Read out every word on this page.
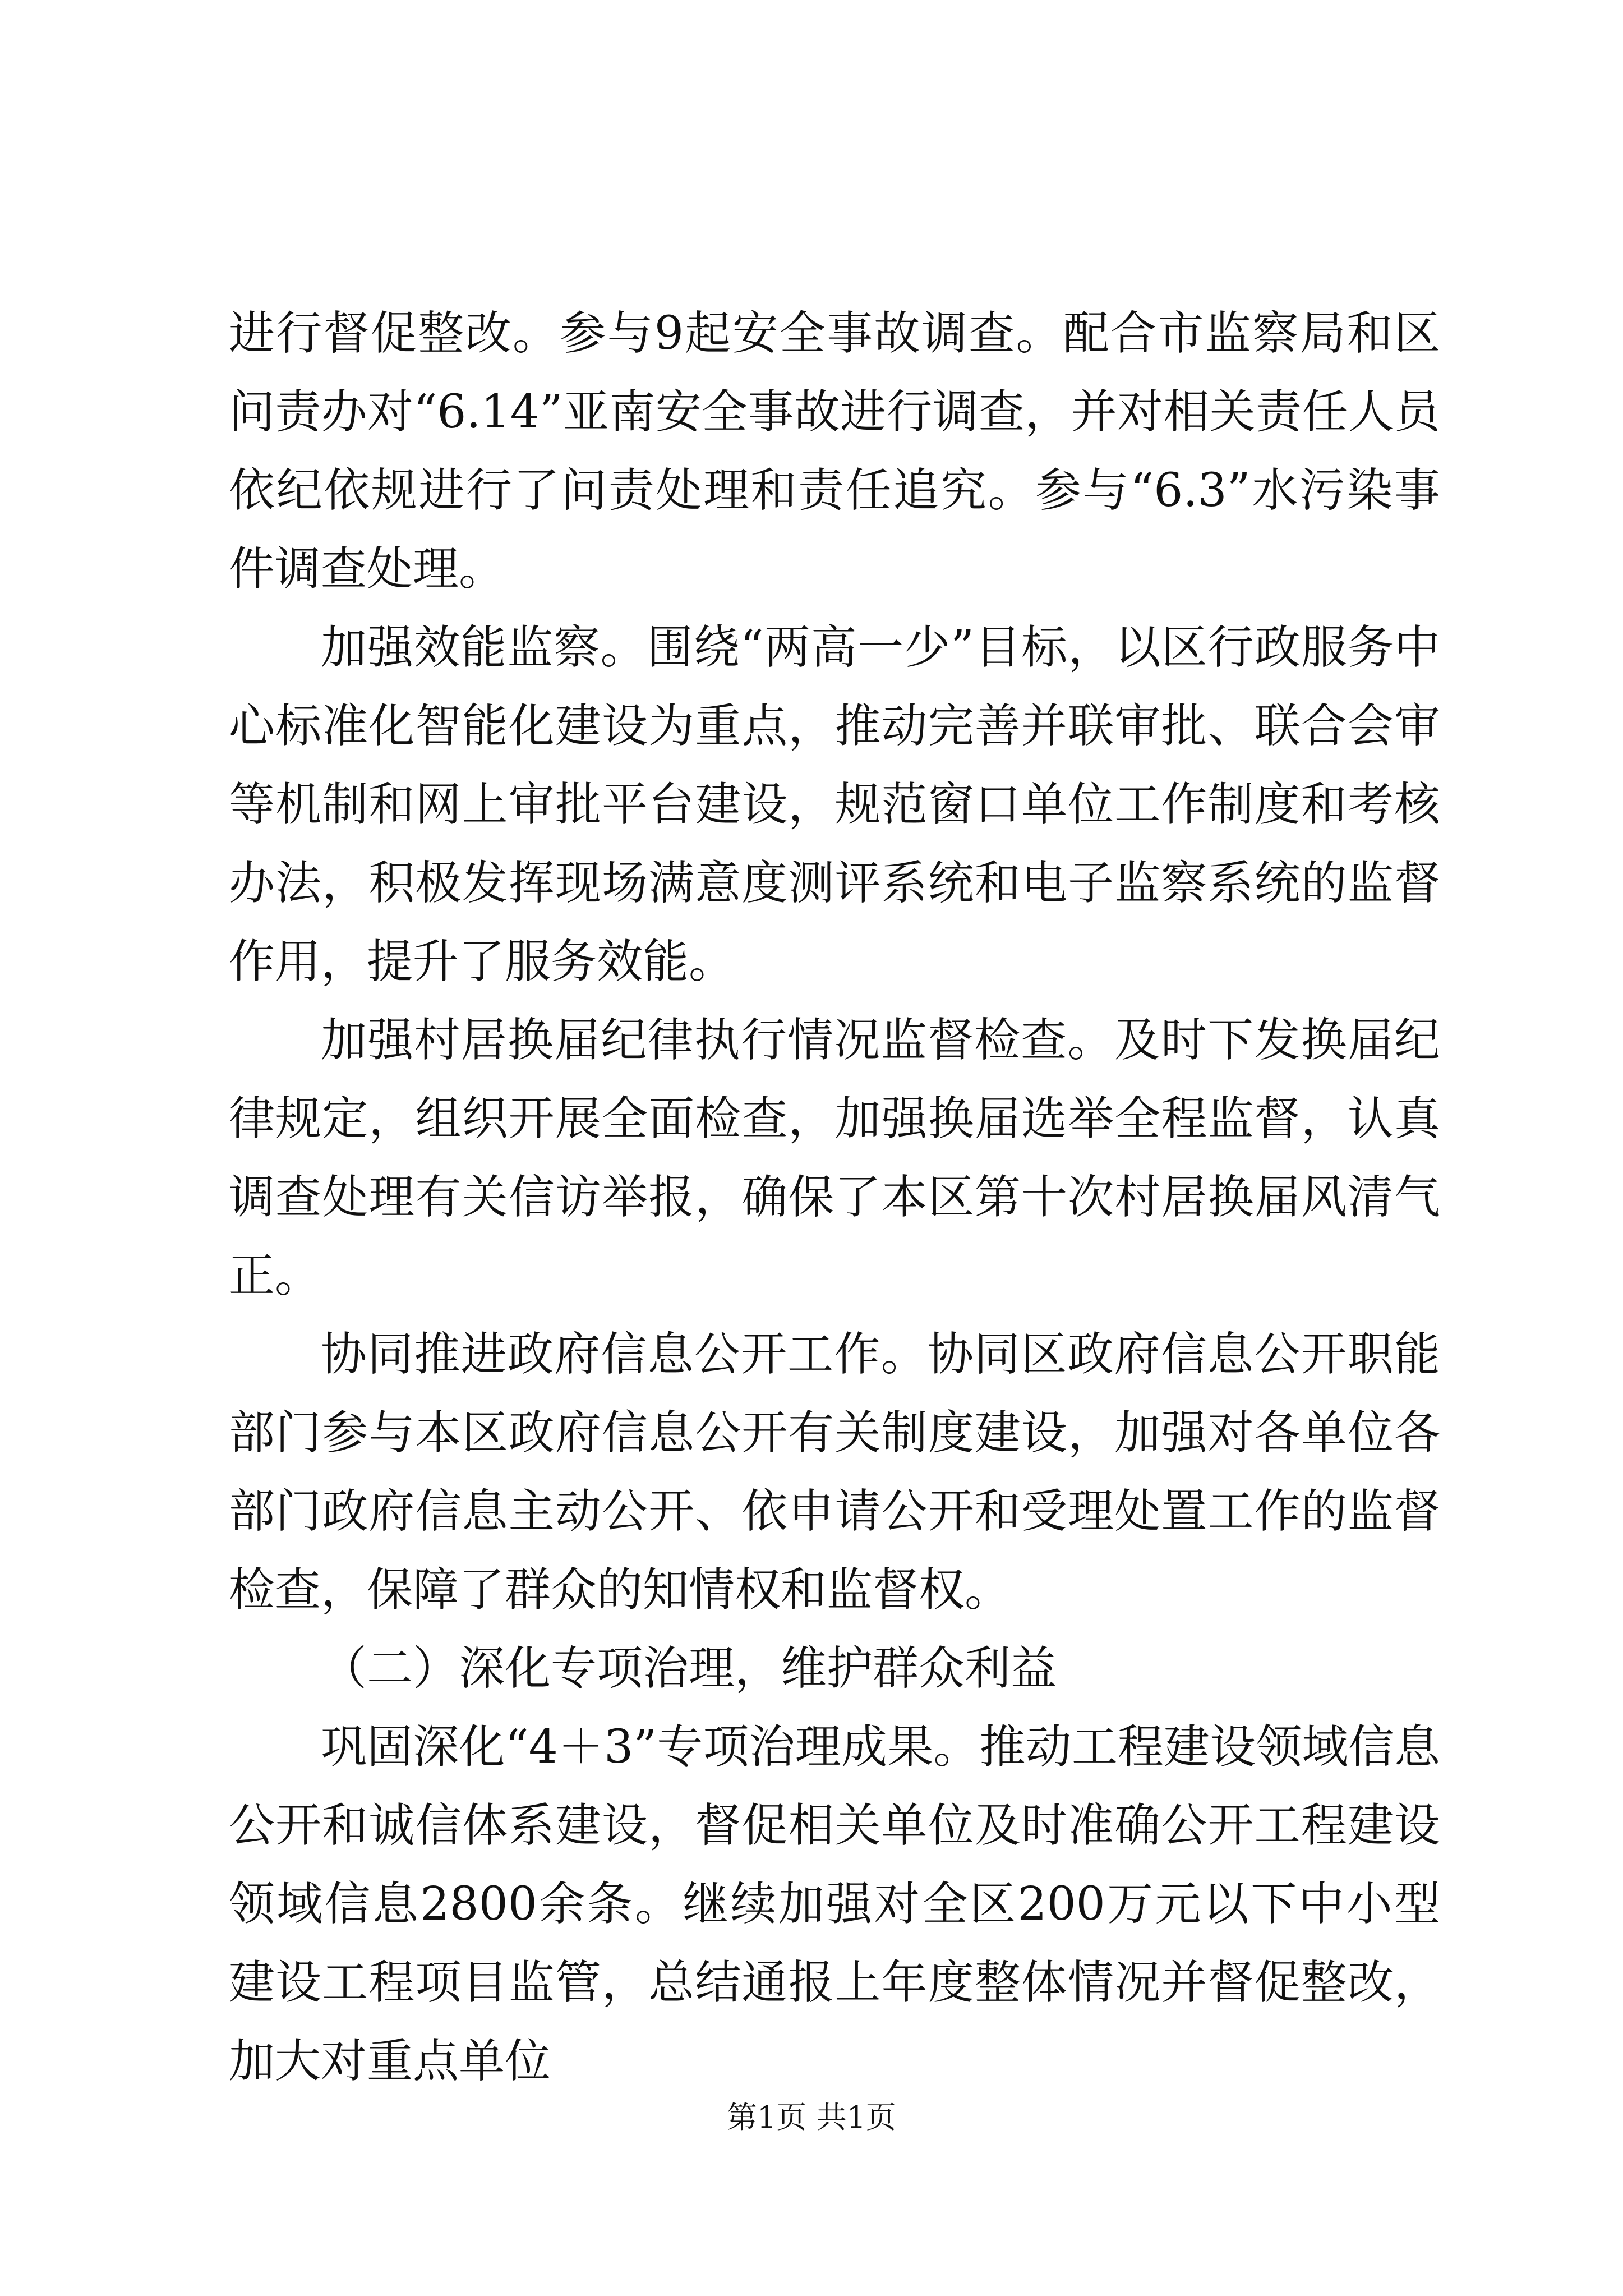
进行督促整改。参与9起安全事故调查。配合市监察局和区问责办对“6.14”亚南安全事故进行调查，并对相关责任人员依纪依规进行了问责处理和责任追究。参与“6.3”水污染事件调查处理。

加强效能监察。围绕“两高一少”目标，以区行政服务中心标准化智能化建设为重点，推动完善并联审批、联合会审等机制和网上审批平台建设，规范窗口单位工作制度和考核办法，积极发挥现场满意度测评系统和电子监察系统的监督作用，提升了服务效能。

加强村居换届纪律执行情况监督检查。及时下发换届纪律规定，组织开展全面检查，加强换届选举全程监督，认真调查处理有关信访举报，确保了本区第十次村居换届风清气正。

协同推进政府信息公开工作。协同区政府信息公开职能部门参与本区政府信息公开有关制度建设，加强对各单位各部门政府信息主动公开、依申请公开和受理处置工作的监督检查，保障了群众的知情权和监督权。

（二）深化专项治理，维护群众利益

巩固深化“4＋3”专项治理成果。推动工程建设领域信息公开和诚信体系建设，督促相关单位及时准确公开工程建设领域信息2800余条。继续加强对全区200万元以下中小型建设工程项目监管，总结通报上年度整体情况并督促整改，加大对重点单位

第1页 共1页
